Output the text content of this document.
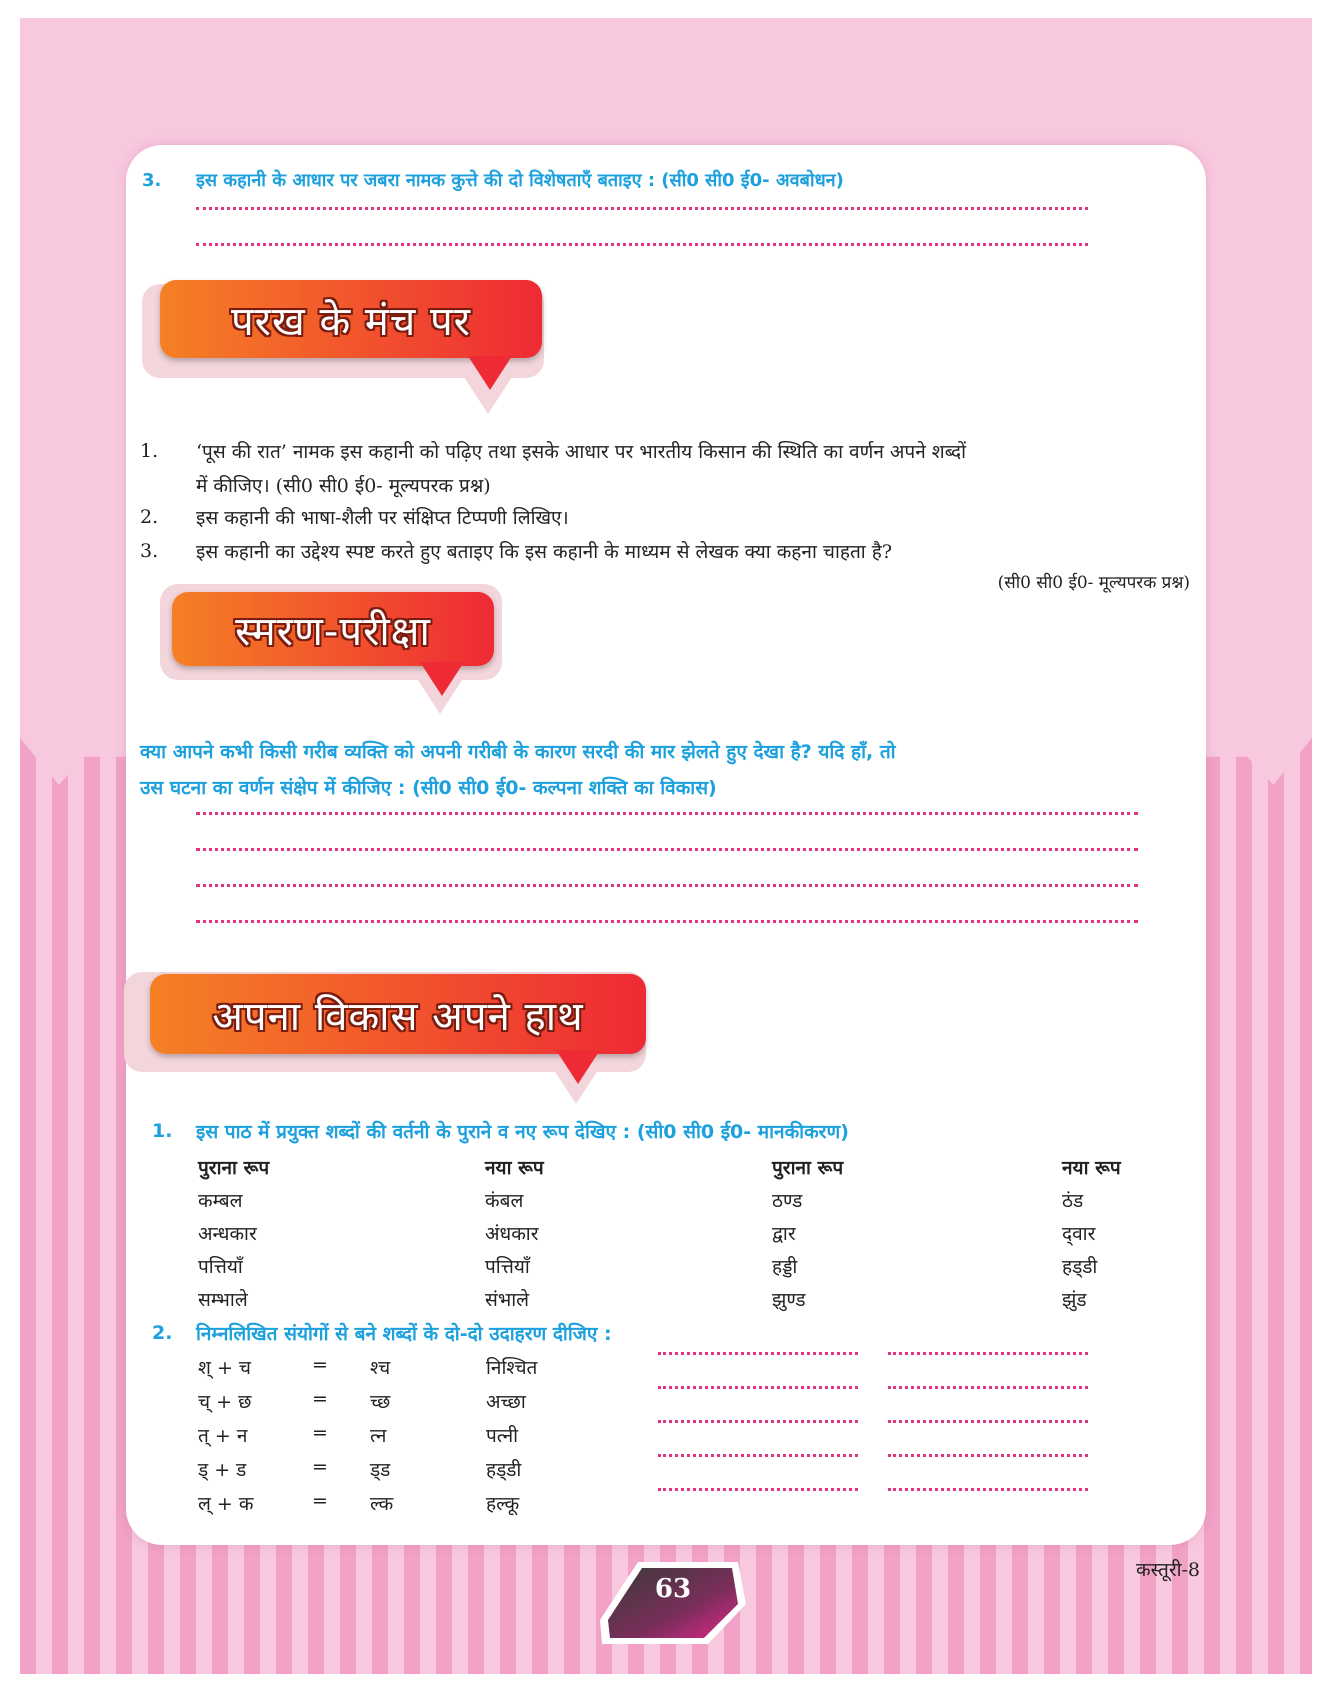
3. इस कहानी के आधार पर जबरा नामक कुत्ते की दो विशेषताएँ बताइए : (सी0 सी0 ई0- अवबोधन)
परख के मंच पर
1. ‘पूस की रात’ नामक इस कहानी को पढ़िए तथा इसके आधार पर भारतीय किसान की स्थिति का वर्णन अपने शब्दों
में कीजिए। (सी0 सी0 ई0- मूल्यपरक प्रश्न)
2. इस कहानी की भाषा-शैली पर संक्षिप्त टिप्पणी लिखिए।
3. इस कहानी का उद्देश्य स्पष्ट करते हुए बताइए कि इस कहानी के माध्यम से लेखक क्या कहना चाहता है?
(सी0 सी0 ई0- मूल्यपरक प्रश्न)
स्मरण-परीक्षा
क्या आपने कभी किसी गरीब व्यक्ति को अपनी गरीबी के कारण सरदी की मार झेलते हुए देखा है? यदि हाँ, तो
उस घटना का वर्णन संक्षेप में कीजिए : (सी0 सी0 ई0- कल्पना शक्ति का विकास)
अपना विकास अपने हाथ
1. इस पाठ में प्रयुक्त शब्दों की वर्तनी के पुराने व नए रूप देखिए : (सी0 सी0 ई0- मानकीकरण)
पुराना रूप	नया रूप	पुराना रूप	नया रूप
कम्बल	कंबल	ठण्ड	ठंड
अन्धकार	अंधकार	द्वार	द्‌वार
पत्तियाँ	पत्तियाँ	हड्डी	हड्‌डी
सम्भाले	संभाले	झुण्ड	झुंड
2. निम्नलिखित संयोगों से बने शब्दों के दो-दो उदाहरण दीजिए :
श् + च	= श्च	निश्चित
च् + छ	= च्छ	अच्छा
त् + न	= त्न	पत्नी
ड् + ड	= ड्‌ड	हड्‌डी
ल् + क	= ल्क	हल्कू
कस्तूरी-8
63
